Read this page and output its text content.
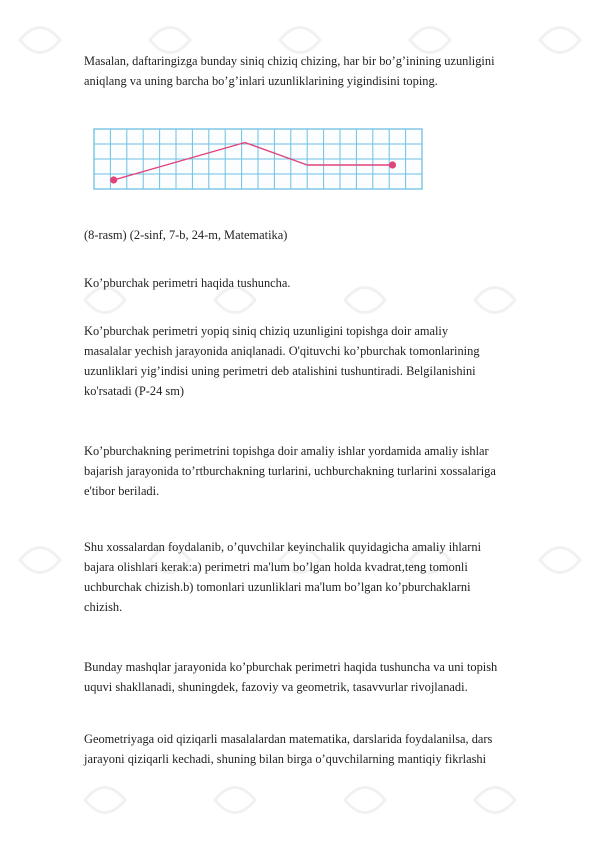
Masalan, daftaringizga bunday siniq chiziq chizing, har bir bo’g’inining uzunligini
aniqlang va uning barcha bo’g’inlari uzunliklarining yigindisini toping.
(8-rasm) (2-sinf, 7-b, 24-m, Matematika)
Ko’pburchak perimetri haqida tushuncha.
Ko’pburchak perimetri yopiq siniq chiziq uzunligini topishga doir amaliy
masalalar yechish jarayonida aniqlanadi. O'qituvchi ko’pburchak tomonlarining
uzunliklari yig’indisi uning perimetri deb atalishini tushuntiradi. Belgilanishini
ko'rsatadi (P-24 sm)
Ko’pburchakning perimetrini topishga doir amaliy ishlar yordamida amaliy ishlar
bajarish jarayonida to’rtburchakning turlarini, uchburchakning turlarini xossalariga
e'tibor beriladi.
Shu xossalardan foydalanib, o’quvchilar keyinchalik quyidagicha amaliy ihlarni
bajara olishlari kerak:a) perimetri ma'lum bo’lgan holda kvadrat,teng tomonli
uchburchak chizish.b) tomonlari uzunliklari ma'lum bo’lgan ko’pburchaklarni
chizish.
Bunday mashqlar jarayonida ko’pburchak perimetri haqida tushuncha va uni topish
uquvi shakllanadi, shuningdek, fazoviy va geometrik, tasavvurlar rivojlanadi.
Geometriyaga oid qiziqarli masalalardan matematika, darslarida foydalanilsa, dars
jarayoni qiziqarli kechadi, shuning bilan birga o’quvchilarning mantiqiy fikrlashi
